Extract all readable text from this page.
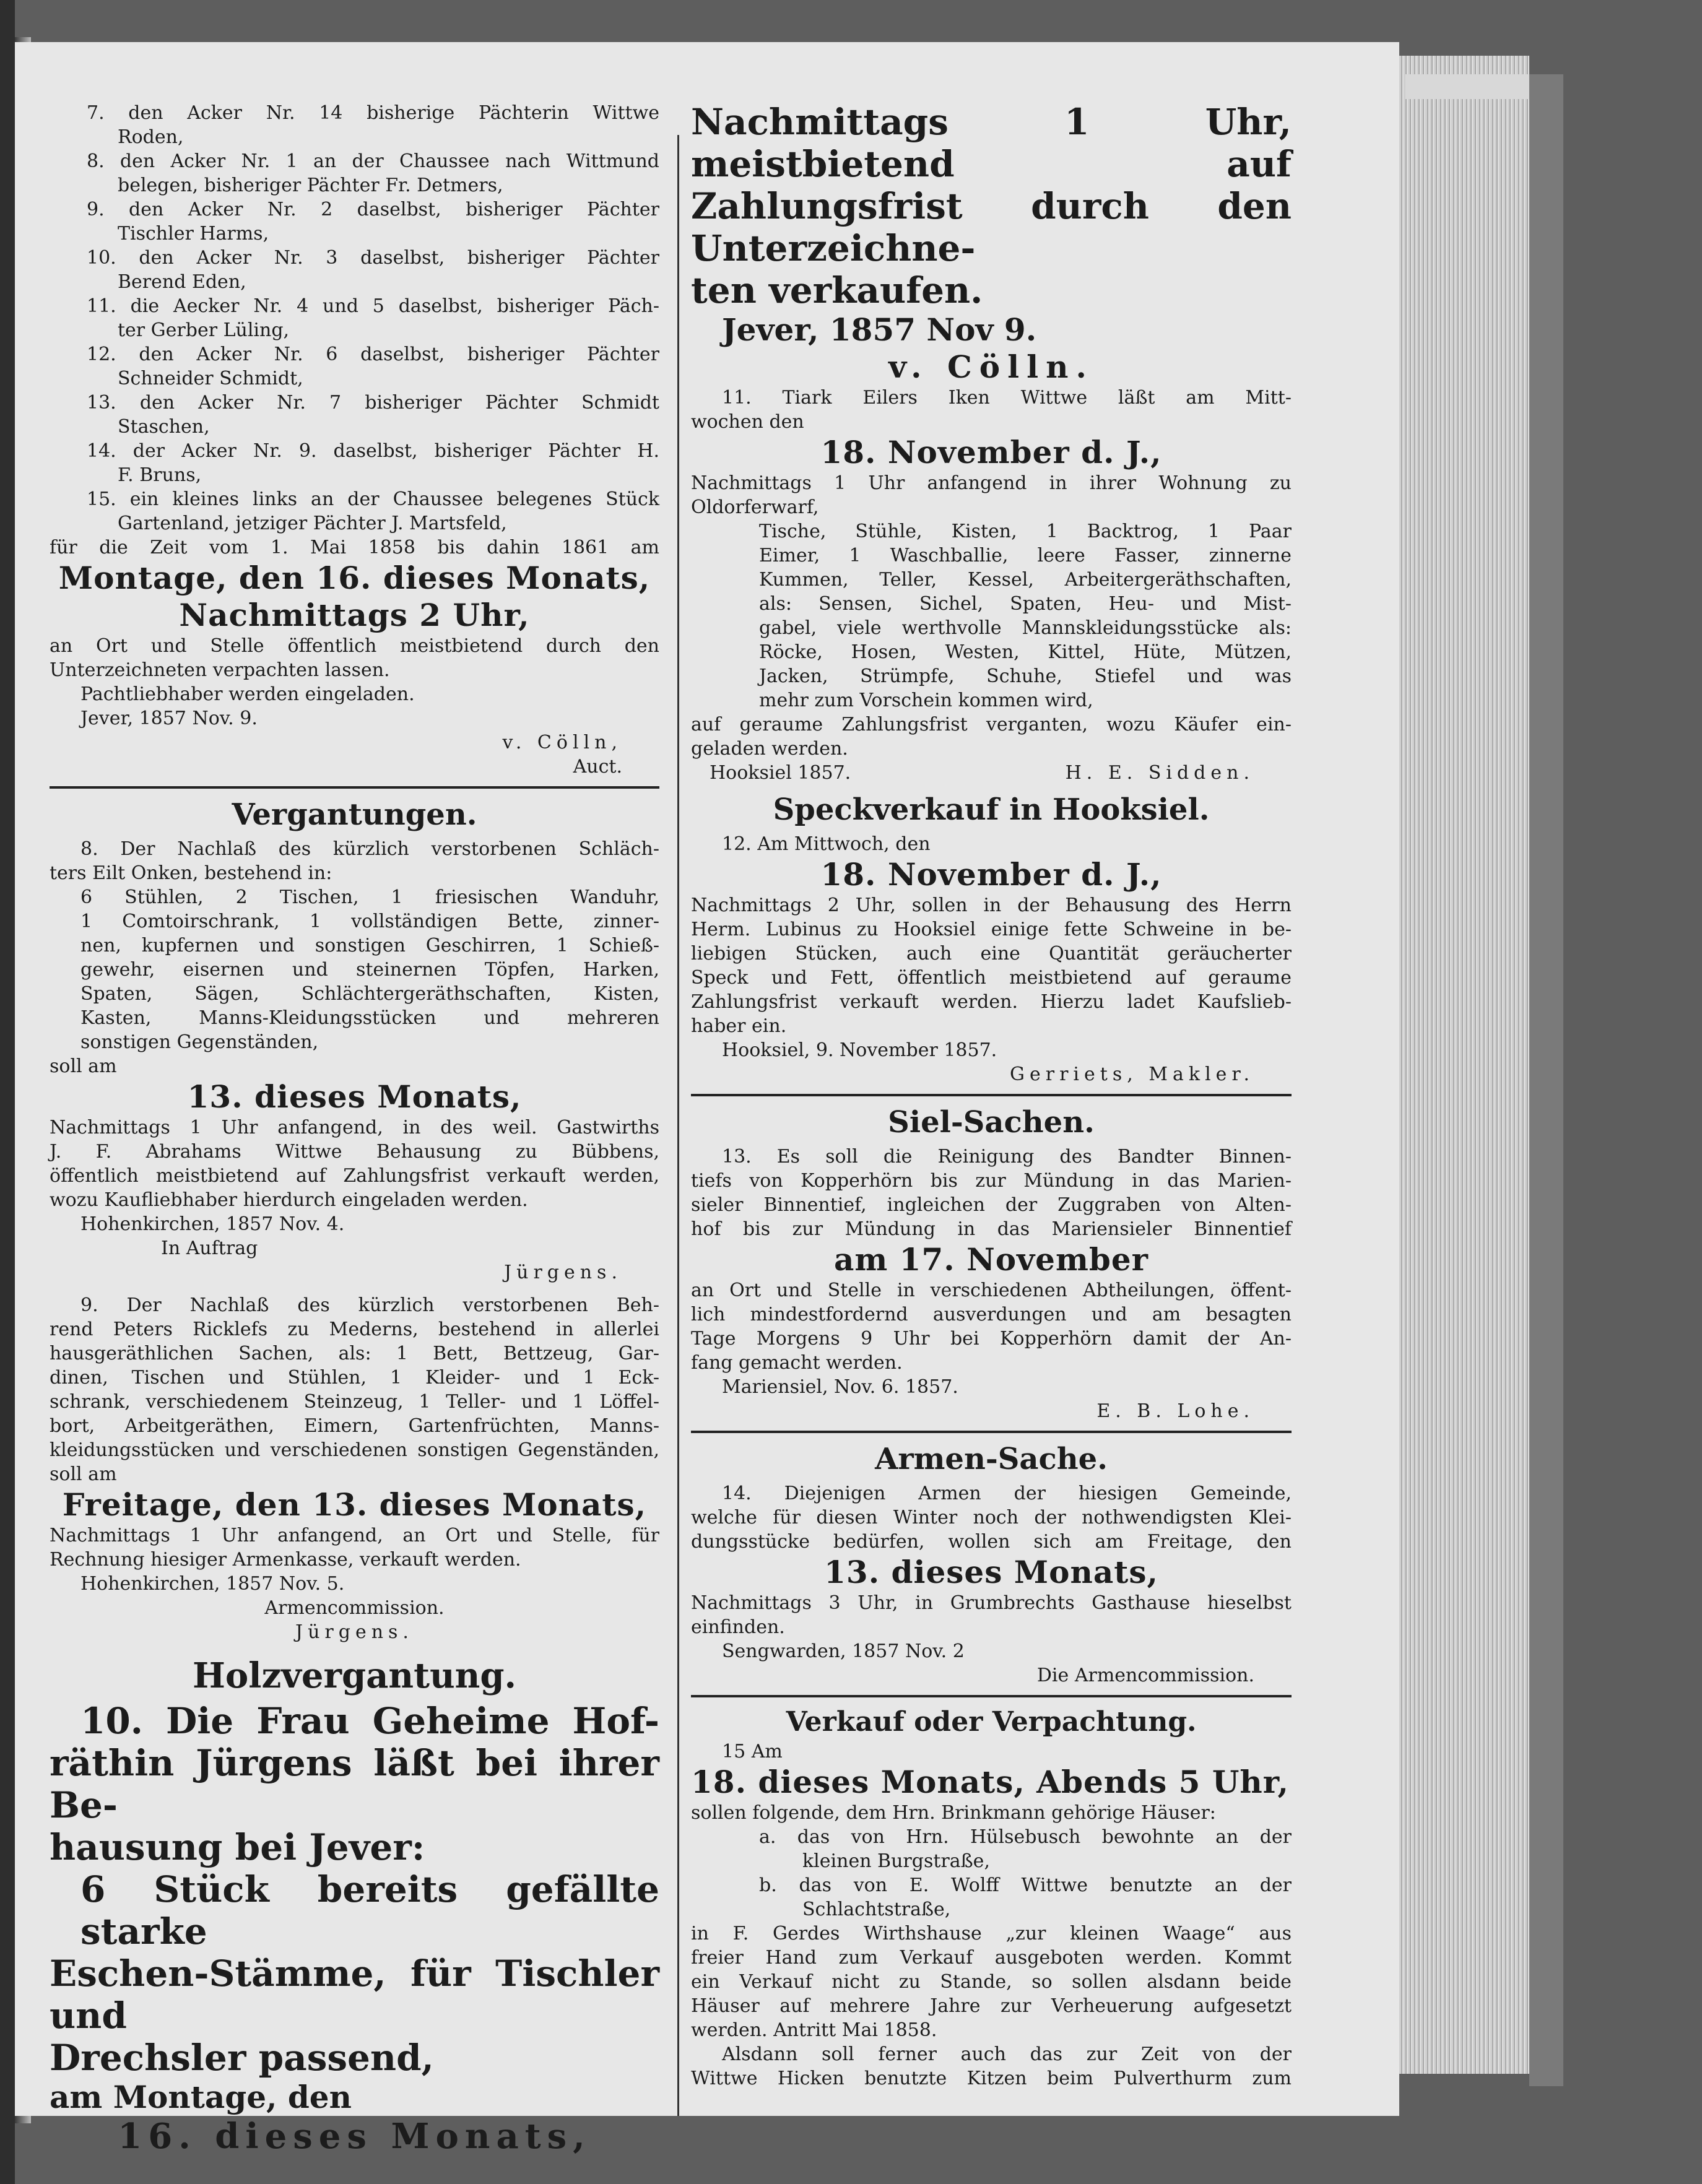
7. den Acker Nr. 14 bisherige Pächterin Wittwe
Roden,
8. den Acker Nr. 1 an der Chaussee nach Wittmund
belegen, bisheriger Pächter Fr. Detmers,
9. den Acker Nr. 2 daselbst, bisheriger Pächter
Tischler Harms,
10. den Acker Nr. 3 daselbst, bisheriger Pächter
Berend Eden,
11. die Aecker Nr. 4 und 5 daselbst, bisheriger Päch-
ter Gerber Lüling,
12. den Acker Nr. 6 daselbst, bisheriger Pächter
Schneider Schmidt,
13. den Acker Nr. 7 bisheriger Pächter Schmidt
Staschen,
14. der Acker Nr. 9. daselbst, bisheriger Pächter H.
F. Bruns,
15. ein kleines links an der Chaussee belegenes Stück
Gartenland, jetziger Pächter J. Martsfeld,
für die Zeit vom 1. Mai 1858 bis dahin 1861 am
Montage, den 16. dieses Monats,
Nachmittags 2 Uhr,
an Ort und Stelle öffentlich meistbietend durch den
Unterzeichneten verpachten lassen.
Pachtliebhaber werden eingeladen.
Jever, 1857 Nov. 9.
v. Cölln,
Auct.
Vergantungen.
8. Der Nachlaß des kürzlich verstorbenen Schläch-
ters Eilt Onken, bestehend in:
6 Stühlen, 2 Tischen, 1 friesischen Wanduhr,
1 Comtoirschrank, 1 vollständigen Bette, zinner-
nen, kupfernen und sonstigen Geschirren, 1 Schieß-
gewehr, eisernen und steinernen Töpfen, Harken,
Spaten, Sägen, Schlächtergeräthschaften, Kisten,
Kasten, Manns-Kleidungsstücken und mehreren
sonstigen Gegenständen,
soll am
13. dieses Monats,
Nachmittags 1 Uhr anfangend, in des weil. Gastwirths
J. F. Abrahams Wittwe Behausung zu Bübbens,
öffentlich meistbietend auf Zahlungsfrist verkauft werden,
wozu Kaufliebhaber hierdurch eingeladen werden.
Hohenkirchen, 1857 Nov. 4.
In Auftrag
Jürgens.
9. Der Nachlaß des kürzlich verstorbenen Beh-
rend Peters Ricklefs zu Mederns, bestehend in allerlei
hausgeräthlichen Sachen, als: 1 Bett, Bettzeug, Gar-
dinen, Tischen und Stühlen, 1 Kleider- und 1 Eck-
schrank, verschiedenem Steinzeug, 1 Teller- und 1 Löffel-
bort, Arbeitgeräthen, Eimern, Gartenfrüchten, Manns-
kleidungsstücken und verschiedenen sonstigen Gegenständen,
soll am
Freitage, den 13. dieses Monats,
Nachmittags 1 Uhr anfangend, an Ort und Stelle, für
Rechnung hiesiger Armenkasse, verkauft werden.
Hohenkirchen, 1857 Nov. 5.
Armencommission.
Jürgens.
Holzvergantung.
10. Die Frau Geheime Hof-
räthin Jürgens läßt bei ihrer Be-
hausung bei Jever:
6 Stück bereits gefällte starke
Eschen-Stämme, für Tischler und
Drechsler passend,
am Montage, den
16. dieses Monats,
Nachmittags 1 Uhr, meistbietend auf
Zahlungsfrist durch den Unterzeichne-
ten verkaufen.
Jever, 1857 Nov 9.
v. Cölln.
11. Tiark Eilers Iken Wittwe läßt am Mitt-
wochen den
18. November d. J.,
Nachmittags 1 Uhr anfangend in ihrer Wohnung zu
Oldorferwarf,
Tische, Stühle, Kisten, 1 Backtrog, 1 Paar
Eimer, 1 Waschballie, leere Fasser, zinnerne
Kummen, Teller, Kessel, Arbeitergeräthschaften,
als: Sensen, Sichel, Spaten, Heu- und Mist-
gabel, viele werthvolle Mannskleidungsstücke als:
Röcke, Hosen, Westen, Kittel, Hüte, Mützen,
Jacken, Strümpfe, Schuhe, Stiefel und was
mehr zum Vorschein kommen wird,
auf geraume Zahlungsfrist verganten, wozu Käufer ein-
geladen werden.
Hooksiel 1857.	H. E. Sidden.
Speckverkauf in Hooksiel.
12. Am Mittwoch, den
18. November d. J.,
Nachmittags 2 Uhr, sollen in der Behausung des Herrn
Herm. Lubinus zu Hooksiel einige fette Schweine in be-
liebigen Stücken, auch eine Quantität geräucherter
Speck und Fett, öffentlich meistbietend auf geraume
Zahlungsfrist verkauft werden. Hierzu ladet Kaufslieb-
haber ein.
Hooksiel, 9. November 1857.
Gerriets, Makler.
Siel-Sachen.
13. Es soll die Reinigung des Bandter Binnen-
tiefs von Kopperhörn bis zur Mündung in das Marien-
sieler Binnentief, ingleichen der Zuggraben von Alten-
hof bis zur Mündung in das Mariensieler Binnentief
am 17. November
an Ort und Stelle in verschiedenen Abtheilungen, öffent-
lich mindestfordernd ausverdungen und am besagten
Tage Morgens 9 Uhr bei Kopperhörn damit der An-
fang gemacht werden.
Mariensiel, Nov. 6. 1857.
E. B. Lohe.
Armen-Sache.
14. Diejenigen Armen der hiesigen Gemeinde,
welche für diesen Winter noch der nothwendigsten Klei-
dungsstücke bedürfen, wollen sich am Freitage, den
13. dieses Monats,
Nachmittags 3 Uhr, in Grumbrechts Gasthause hieselbst
einfinden.
Sengwarden, 1857 Nov. 2
Die Armencommission.
Verkauf oder Verpachtung.
15 Am
18. dieses Monats, Abends 5 Uhr,
sollen folgende, dem Hrn. Brinkmann gehörige Häuser:
a. das von Hrn. Hülsebusch bewohnte an der
kleinen Burgstraße,
b. das von E. Wolff Wittwe benutzte an der
Schlachtstraße,
in F. Gerdes Wirthshause „zur kleinen Waage“ aus
freier Hand zum Verkauf ausgeboten werden. Kommt
ein Verkauf nicht zu Stande, so sollen alsdann beide
Häuser auf mehrere Jahre zur Verheuerung aufgesetzt
werden. Antritt Mai 1858.
Alsdann soll ferner auch das zur Zeit von der
Wittwe Hicken benutzte Kitzen beim Pulverthurm zum
